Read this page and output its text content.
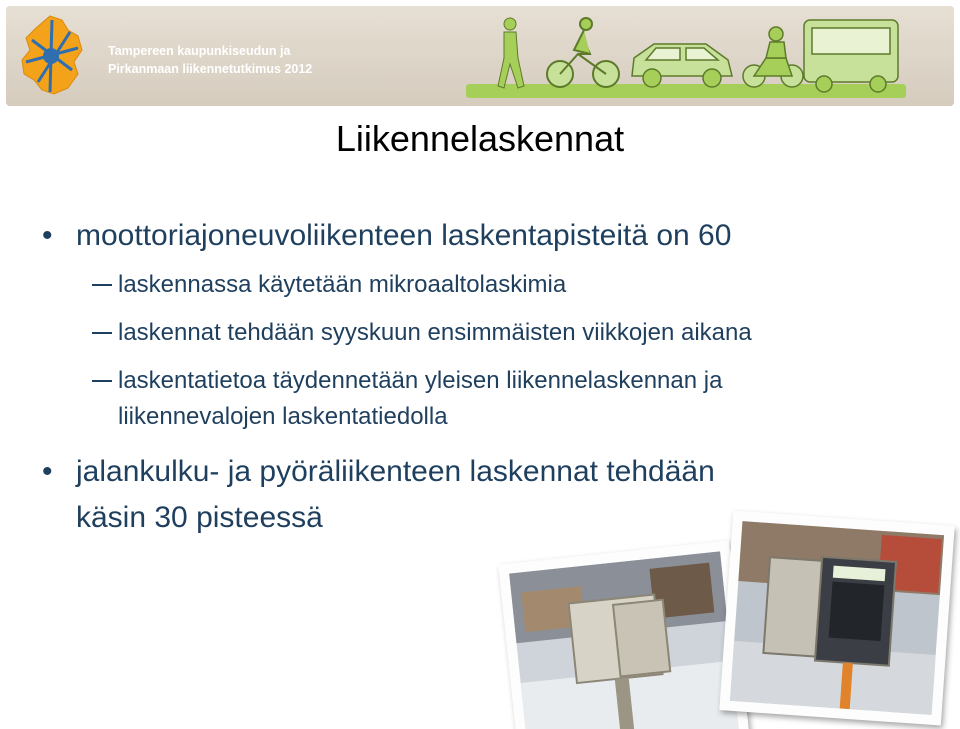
Tampereen kaupunkiseudun ja
Pirkanmaan liikennetutkimus 2012
Liikennelaskennat
• moottoriajoneuvoliikenteen laskentapisteitä on 60
laskennassa käytetään mikroaaltolaskimia
laskennat tehdään syyskuun ensimmäisten viikkojen aikana
laskentatietoa täydennetään yleisen liikennelaskennan ja
liikennevalojen laskentatiedolla
• jalankulku- ja pyöräliikenteen laskennat tehdään
käsin 30 pisteessä
